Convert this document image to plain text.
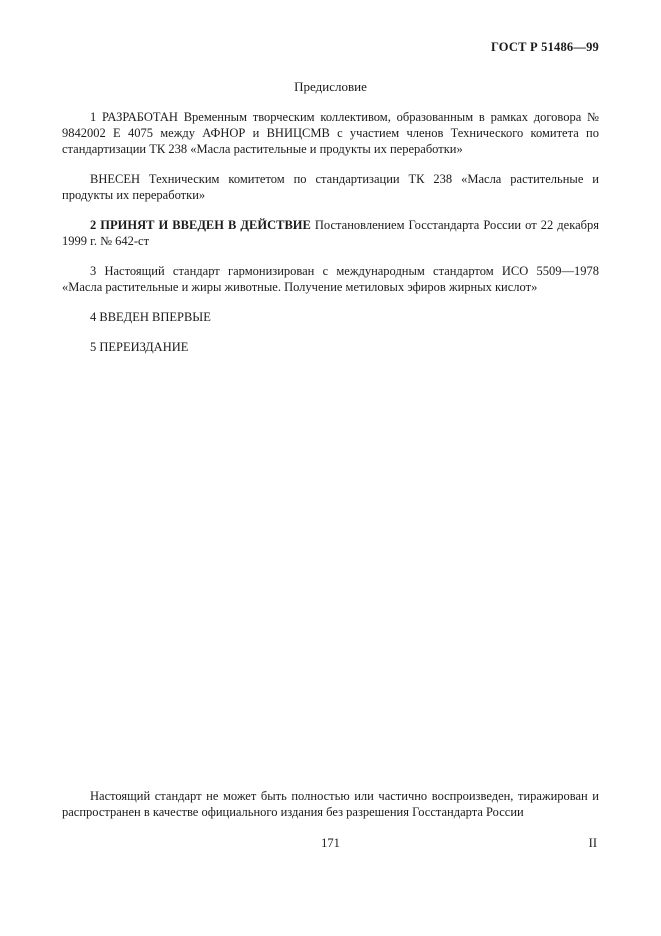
ГОСТ Р 51486—99
Предисловие

1 РАЗРАБОТАН Временным творческим коллективом, образованным в рамках договора № 9842002 Е 4075 между АФНОР и ВНИЦСМВ с участием членов Технического комитета по стандартизации ТК 238 «Масла растительные и продукты их переработки»

ВНЕСЕН Техническим комитетом по стандартизации ТК 238 «Масла растительные и продукты их переработки»

2 ПРИНЯТ И ВВЕДЕН В ДЕЙСТВИЕ Постановлением Госстандарта России от 22 декабря 1999 г. № 642-ст

3 Настоящий стандарт гармонизирован с международным стандартом ИСО 5509—1978 «Масла растительные и жиры животные. Получение метиловых эфиров жирных кислот»

4 ВВЕДЕН ВПЕРВЫЕ

5 ПЕРЕИЗДАНИЕ

Настоящий стандарт не может быть полностью или частично воспроизведен, тиражирован и распространен в качестве официального издания без разрешения Госстандарта России

171	II
